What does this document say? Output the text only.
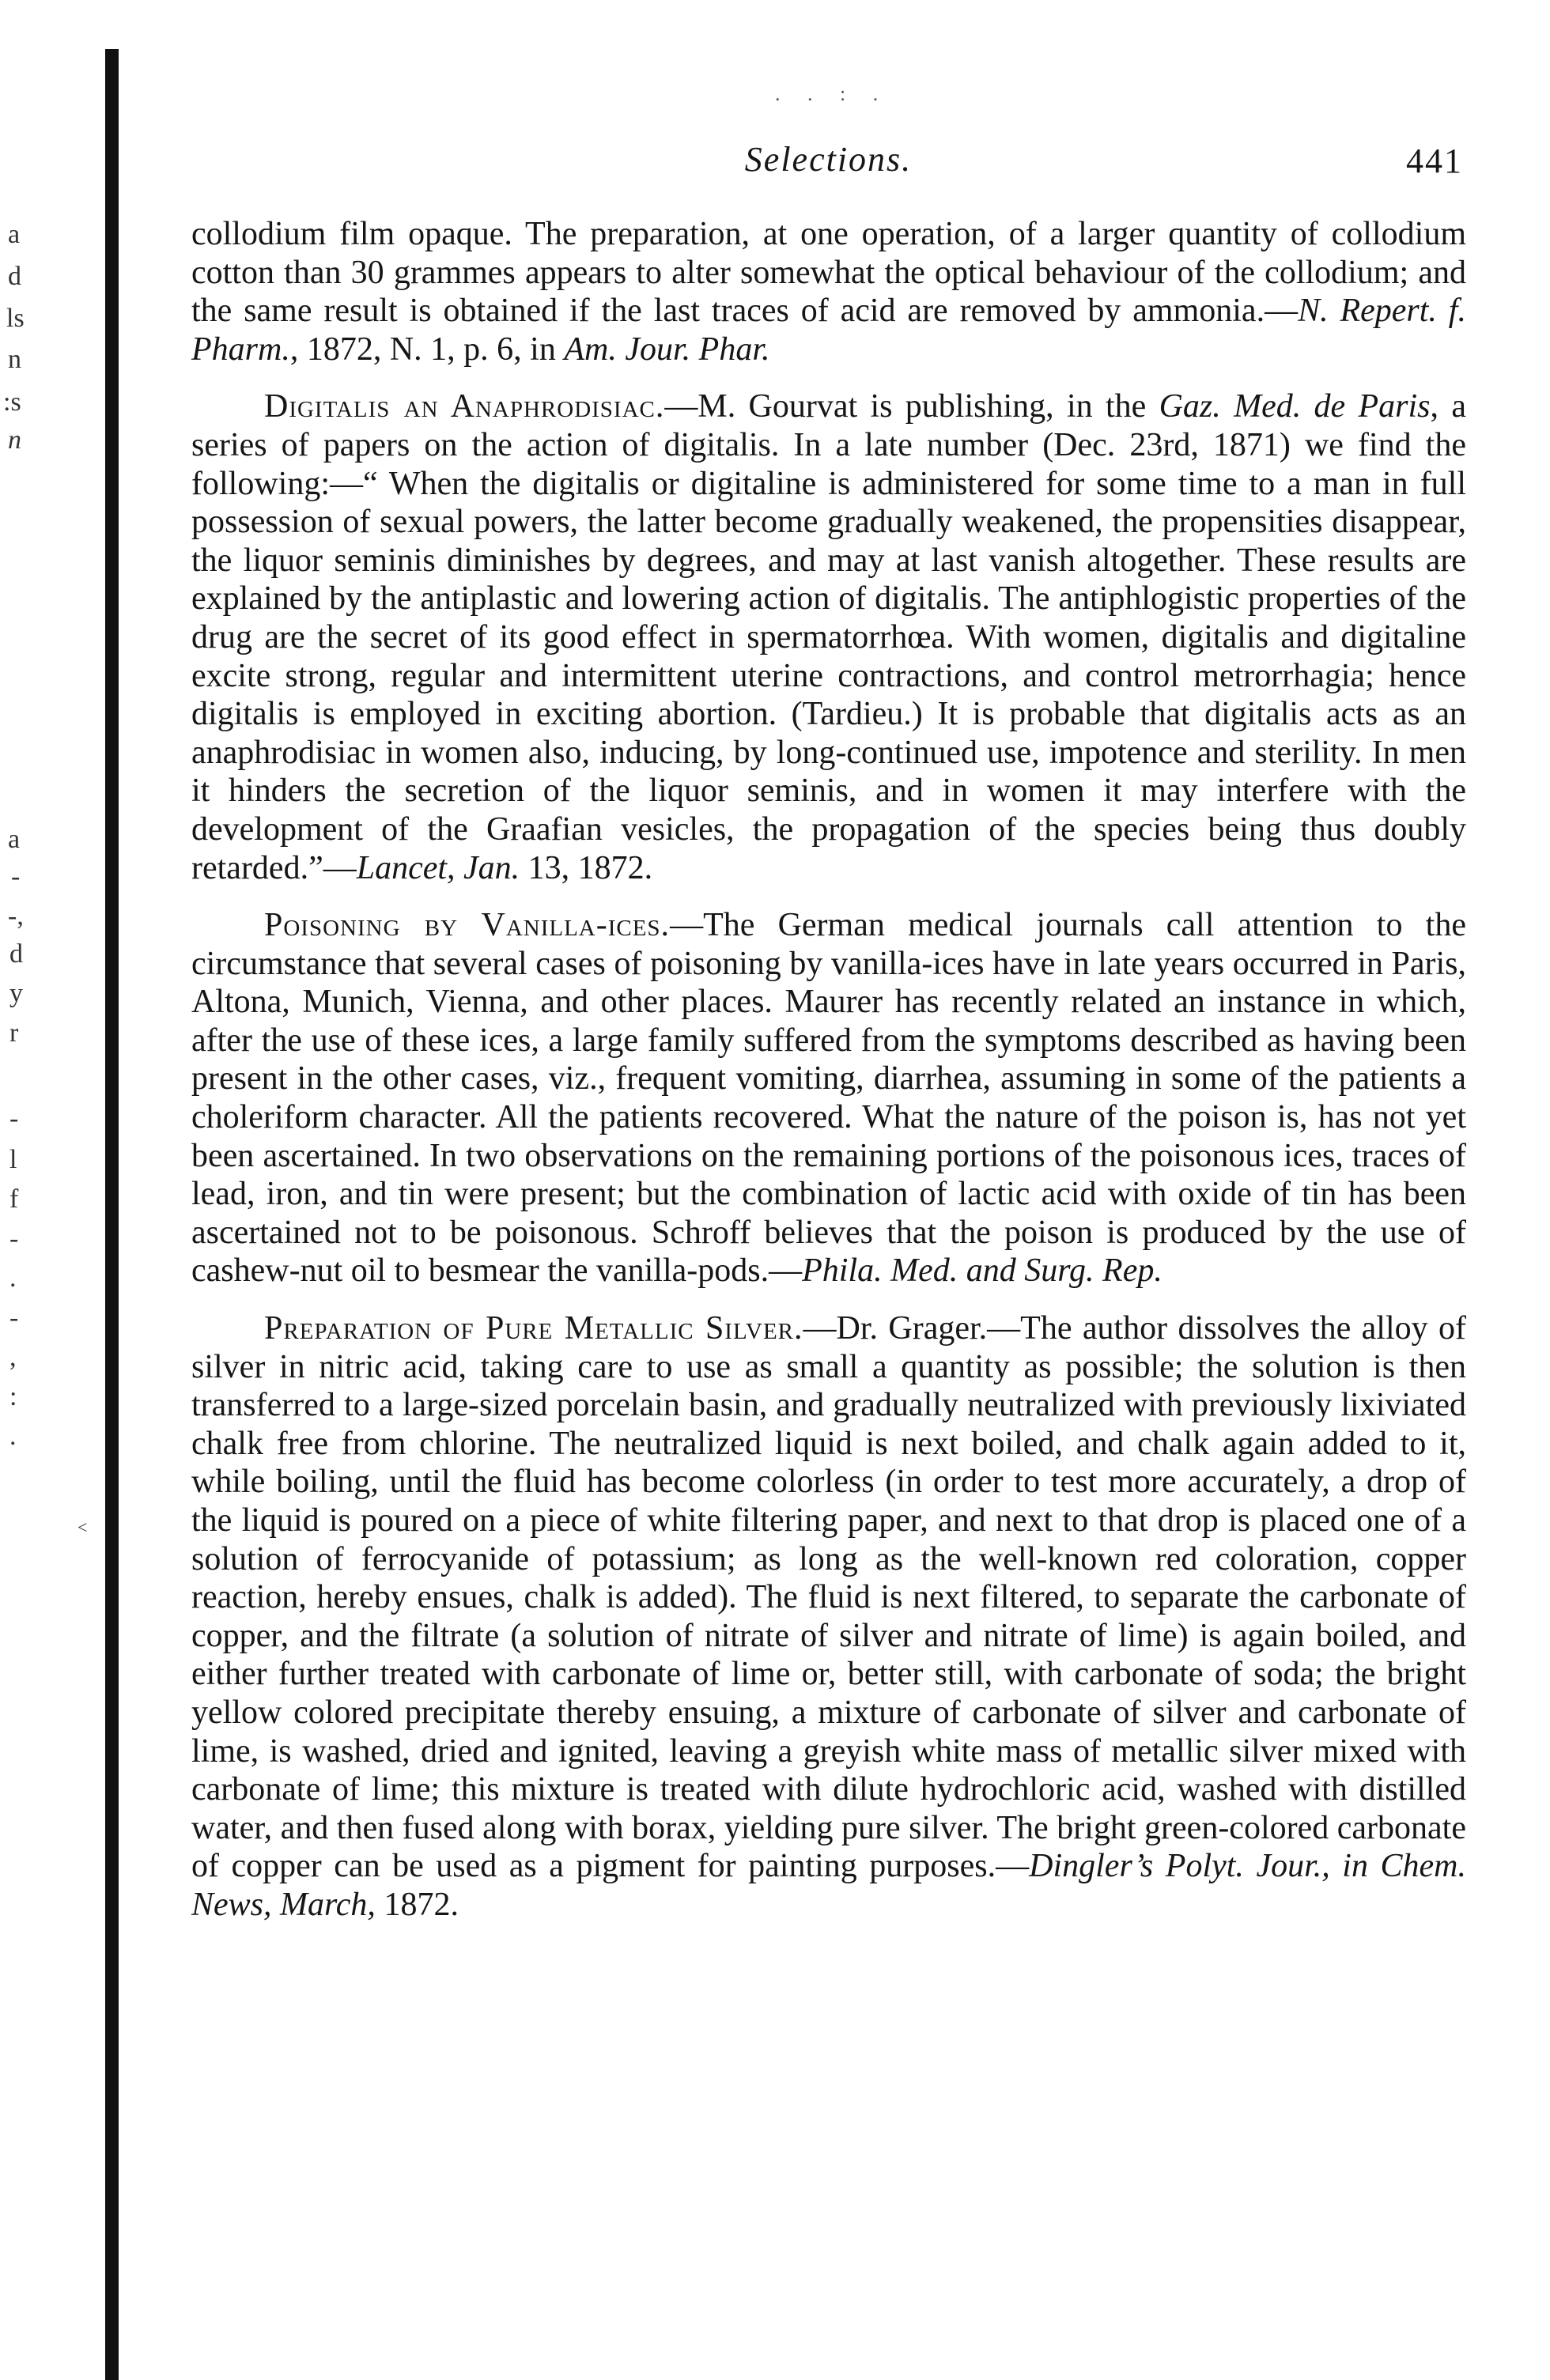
a
d
ls
n
:s
n
a
-
-,
d
y
r
-
l
f
-
.
-
,
:
.
<
. . : .
Selections.	441

collodium film opaque. The preparation, at one operation, of a larger quantity of collodium cotton than 30 grammes appears to alter somewhat the optical behaviour of the collodium; and the same result is obtained if the last traces of acid are removed by ammonia.—N. Repert. f. Pharm., 1872, N. 1, p. 6, in Am. Jour. Phar.

Digitalis an Anaphrodisiac.—M. Gourvat is publishing, in the Gaz. Med. de Paris, a series of papers on the action of digitalis. In a late number (Dec. 23rd, 1871) we find the following:—“ When the digitalis or digitaline is administered for some time to a man in full possession of sexual powers, the latter become gradually weakened, the propensities disappear, the liquor seminis diminishes by degrees, and may at last vanish altogether. These results are explained by the antiplastic and lowering action of digitalis. The antiphlogistic properties of the drug are the secret of its good effect in spermatorrhœa. With women, digitalis and digitaline excite strong, regular and intermittent uterine contractions, and control metrorrhagia; hence digitalis is employed in exciting abortion. (Tardieu.) It is probable that digitalis acts as an anaphrodisiac in women also, inducing, by long-continued use, impotence and sterility. In men it hinders the secretion of the liquor seminis, and in women it may interfere with the development of the Graafian vesicles, the propagation of the species being thus doubly retarded.”—Lancet, Jan. 13, 1872.

Poisoning by Vanilla-ices.—The German medical journals call attention to the circumstance that several cases of poisoning by vanilla-ices have in late years occurred in Paris, Altona, Munich, Vienna, and other places. Maurer has recently related an instance in which, after the use of these ices, a large family suffered from the symptoms described as having been present in the other cases, viz., frequent vomiting, diarrhea, assuming in some of the patients a choleriform character. All the patients recovered. What the nature of the poison is, has not yet been ascertained. In two observations on the remaining portions of the poisonous ices, traces of lead, iron, and tin were present; but the combination of lactic acid with oxide of tin has been ascertained not to be poisonous. Schroff believes that the poison is produced by the use of cashew-nut oil to besmear the vanilla-pods.—Phila. Med. and Surg. Rep.

Preparation of Pure Metallic Silver.—Dr. Grager.—The author dissolves the alloy of silver in nitric acid, taking care to use as small a quantity as possible; the solution is then transferred to a large-sized porcelain basin, and gradually neutralized with previously lixiviated chalk free from chlorine. The neutralized liquid is next boiled, and chalk again added to it, while boiling, until the fluid has become colorless (in order to test more accurately, a drop of the liquid is poured on a piece of white filtering paper, and next to that drop is placed one of a solution of ferrocyanide of potassium; as long as the well-known red coloration, copper reaction, hereby ensues, chalk is added). The fluid is next filtered, to separate the carbonate of copper, and the filtrate (a solution of nitrate of silver and nitrate of lime) is again boiled, and either further treated with carbonate of lime or, better still, with carbonate of soda; the bright yellow colored precipitate thereby ensuing, a mixture of carbonate of silver and carbonate of lime, is washed, dried and ignited, leaving a greyish white mass of metallic silver mixed with carbonate of lime; this mixture is treated with dilute hydrochloric acid, washed with distilled water, and then fused along with borax, yielding pure silver. The bright green-colored carbonate of copper can be used as a pigment for painting purposes.—Dingler’s Polyt. Jour., in Chem. News, March, 1872.
